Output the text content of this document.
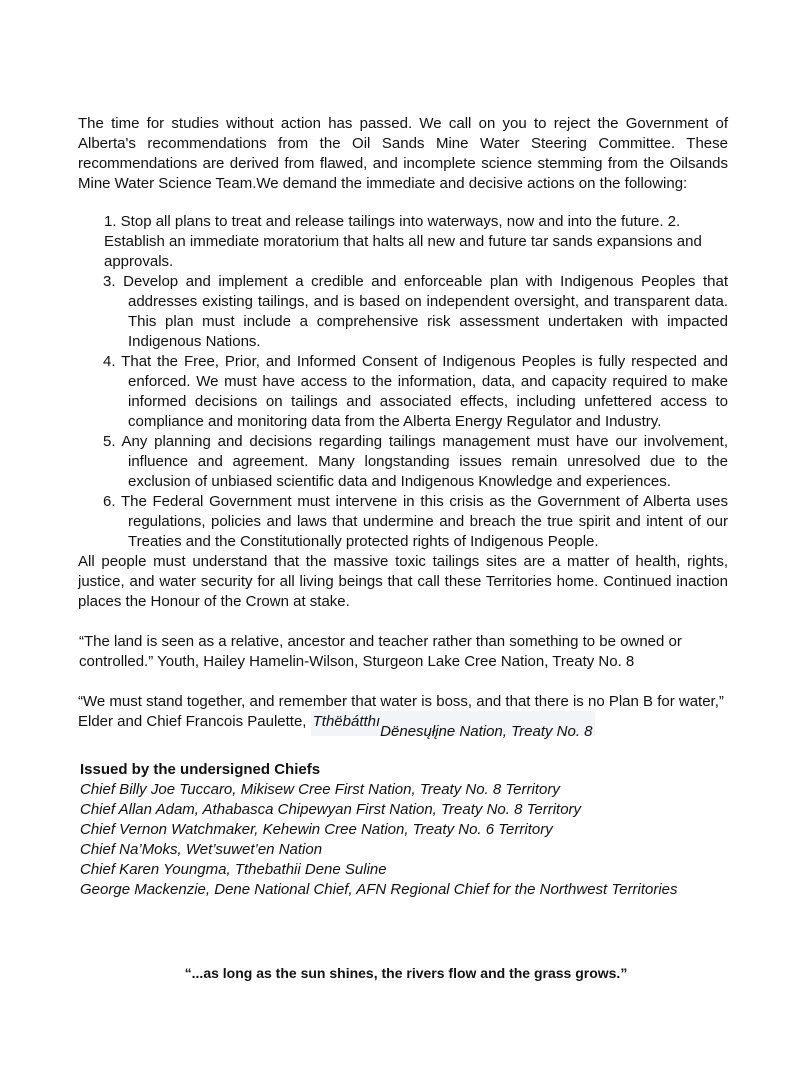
The time for studies without action has passed. We call on you to reject the Government of Alberta's recommendations from the Oil Sands Mine Water Steering Committee. These recommendations are derived from flawed, and incomplete science stemming from the Oilsands Mine Water Science Team.We demand the immediate and decisive actions on the following:

1. Stop all plans to treat and release tailings into waterways, now and into the future. 2. Establish an immediate moratorium that halts all new and future tar sands expansions and approvals.
3. Develop and implement a credible and enforceable plan with Indigenous Peoples that addresses existing tailings, and is based on independent oversight, and transparent data. This plan must include a comprehensive risk assessment undertaken with impacted Indigenous Nations.
4. That the Free, Prior, and Informed Consent of Indigenous Peoples is fully respected and enforced. We must have access to the information, data, and capacity required to make informed decisions on tailings and associated effects, including unfettered access to compliance and monitoring data from the Alberta Energy Regulator and Industry.
5. Any planning and decisions regarding tailings management must have our involvement, influence and agreement. Many longstanding issues remain unresolved due to the exclusion of unbiased scientific data and Indigenous Knowledge and experiences.
6. The Federal Government must intervene in this crisis as the Government of Alberta uses regulations, policies and laws that undermine and breach the true spirit and intent of our Treaties and the Constitutionally protected rights of Indigenous People.

All people must understand that the massive toxic tailings sites are a matter of health, rights, justice, and water security for all living beings that call these Territories home. Continued inaction places the Honour of the Crown at stake.

“The land is seen as a relative, ancestor and teacher rather than something to be owned or controlled.” Youth, Hailey Hamelin-Wilson, Sturgeon Lake Cree Nation, Treaty No. 8

“We must stand together, and remember that water is boss, and that there is no Plan B for water,” Elder and Chief Francois Paulette, TthëbátthıDënesųłįne Nation, Treaty No. 8

Issued by the undersigned Chiefs

Chief Billy Joe Tuccaro, Mikisew Cree First Nation, Treaty No. 8 Territory
Chief Allan Adam, Athabasca Chipewyan First Nation, Treaty No. 8 Territory
Chief Vernon Watchmaker, Kehewin Cree Nation, Treaty No. 6 Territory
Chief Na’Moks, Wet’suwet’en Nation
Chief Karen Youngma, Tthebathii Dene Suline
George Mackenzie, Dene National Chief, AFN Regional Chief for the Northwest Territories
“...as long as the sun shines, the rivers flow and the grass grows.”
